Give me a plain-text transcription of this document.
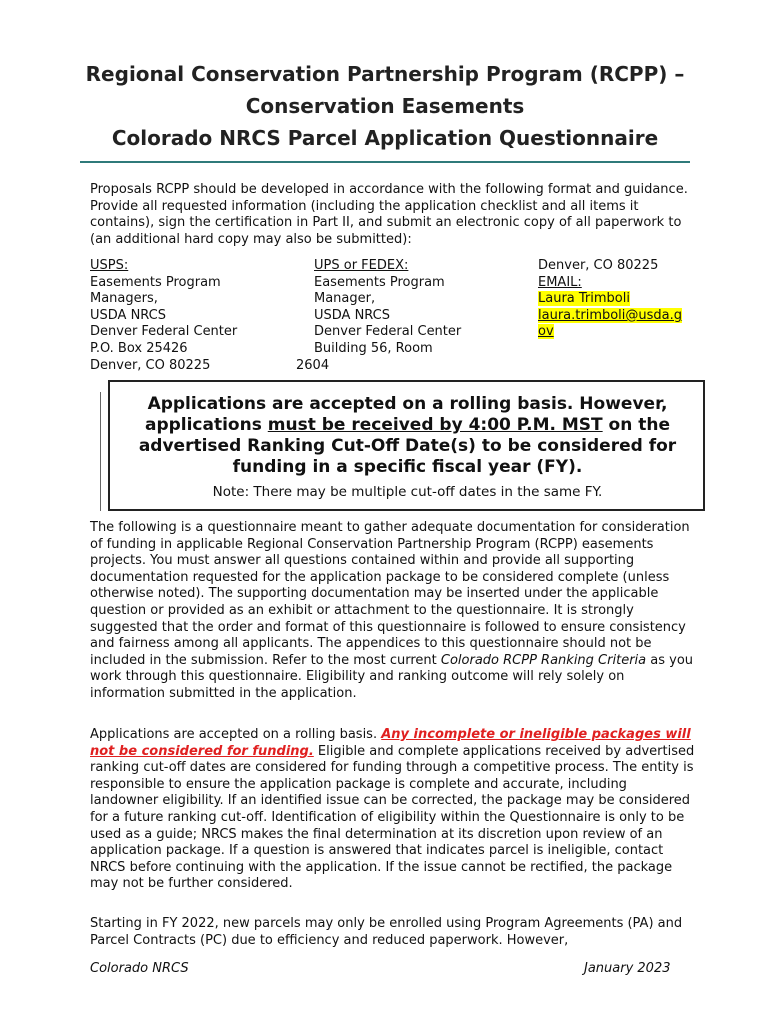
Regional Conservation Partnership Program (RCPP) –
Conservation Easements
Colorado NRCS Parcel Application Questionnaire

Proposals RCPP should be developed in accordance with the following format and guidance. Provide all requested information (including the application checklist and all items it contains), sign the certification in Part II, and submit an electronic copy of all paperwork to (an additional hard copy may also be submitted):

USPS:
Easements Program
Managers,
USDA NRCS
Denver Federal Center
P.O. Box 25426
Denver, CO 80225
UPS or FEDEX:
Easements Program
Manager,
USDA NRCS
Denver Federal Center
Building 56, Room
2604
Denver, CO 80225
EMAIL:
Laura Trimboli
laura.trimboli@usda.g
ov

Applications are accepted on a rolling basis. However, applications must be received by 4:00 P.M. MST on the advertised Ranking Cut-Off Date(s) to be considered for funding in a specific fiscal year (FY).

Note: There may be multiple cut-off dates in the same FY.

The following is a questionnaire meant to gather adequate documentation for consideration of funding in applicable Regional Conservation Partnership Program (RCPP) easements projects. You must answer all questions contained within and provide all supporting documentation requested for the application package to be considered complete (unless otherwise noted). The supporting documentation may be inserted under the applicable question or provided as an exhibit or attachment to the questionnaire. It is strongly suggested that the order and format of this questionnaire is followed to ensure consistency and fairness among all applicants. The appendices to this questionnaire should not be included in the submission. Refer to the most current Colorado RCPP Ranking Criteria as you work through this questionnaire. Eligibility and ranking outcome will rely solely on information submitted in the application.

Applications are accepted on a rolling basis. Any incomplete or ineligible packages will not be considered for funding. Eligible and complete applications received by advertised ranking cut-off dates are considered for funding through a competitive process. The entity is responsible to ensure the application package is complete and accurate, including landowner eligibility. If an identified issue can be corrected, the package may be considered for a future ranking cut-off. Identification of eligibility within the Questionnaire is only to be used as a guide; NRCS makes the final determination at its discretion upon review of an application package. If a question is answered that indicates parcel is ineligible, contact NRCS before continuing with the application. If the issue cannot be rectified, the package may not be further considered.

Starting in FY 2022, new parcels may only be enrolled using Program Agreements (PA) and Parcel Contracts (PC) due to efficiency and reduced paperwork. However,

Colorado NRCS	January 2023
